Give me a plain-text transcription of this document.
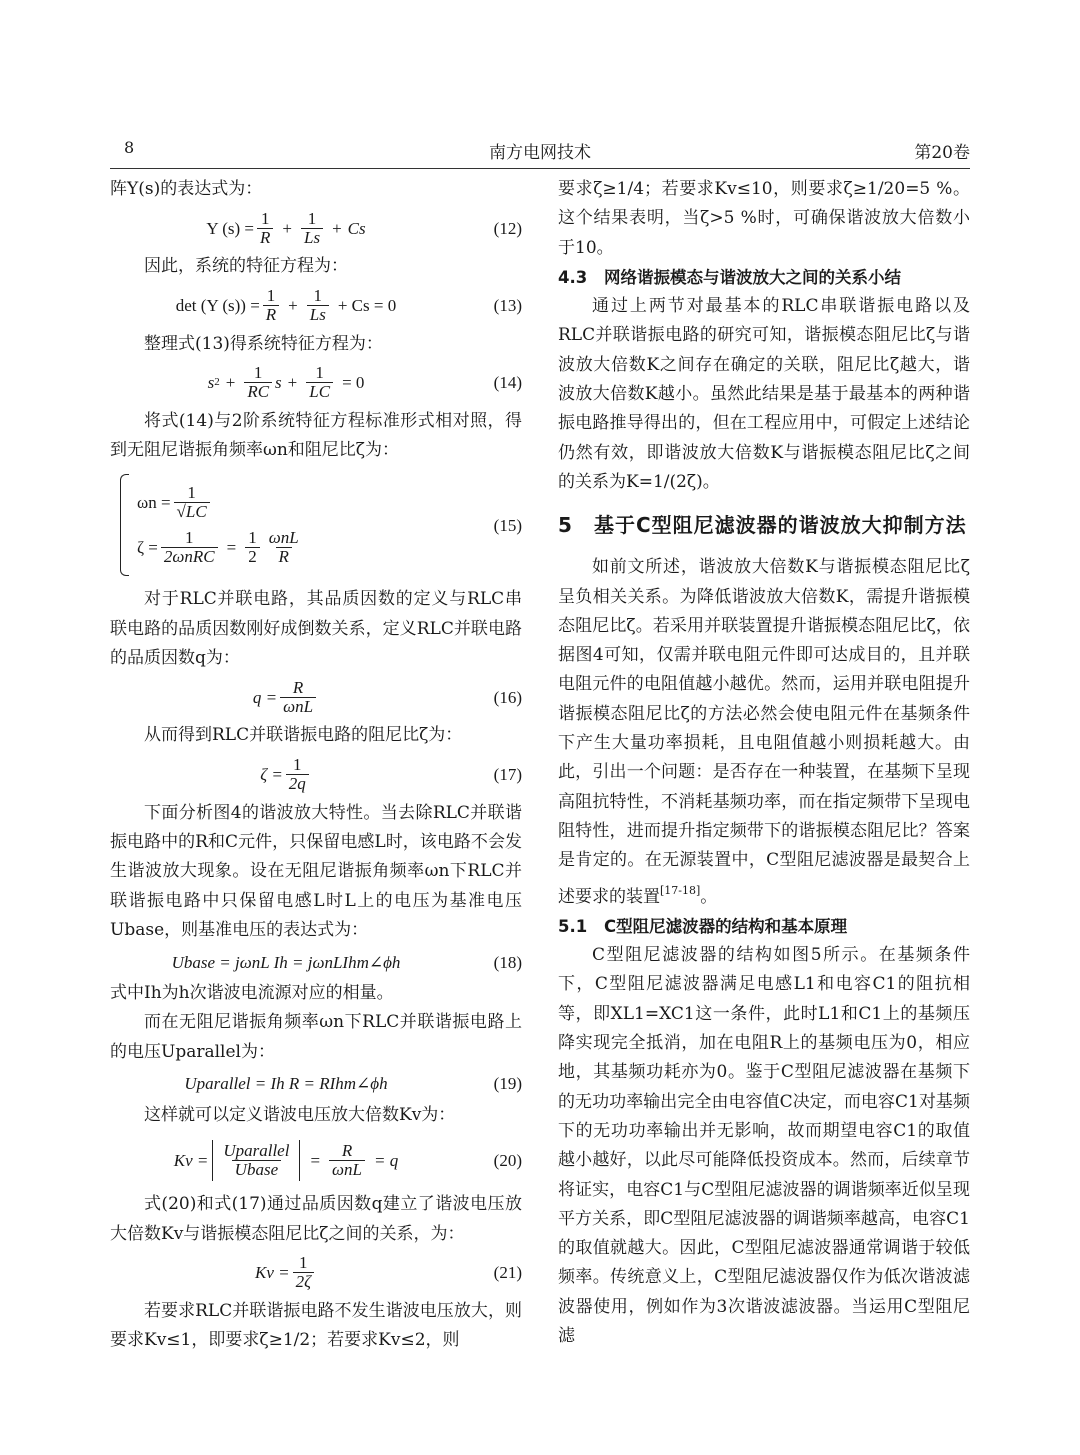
8	南方电网技术	第20卷

阵Y(s)的表达式为：

Y $(s) = \frac{1}{R} + \frac{1}{Ls} + Cs$	(12)

因此，系统的特征方程为：

det (Y $(s)) = \frac{1}{R} + \frac{1}{Ls} + Cs = 0$	(13)

整理式(13)得系统特征方程为：

s $2 + \frac{1}{RC}$ $s + \frac{1}{LC} = 0$	(14)

将式(14)与2阶系统特征方程标准形式相对照，得到无阻尼谐振角频率ωn和阻尼比ζ为：

$\omega n = \frac{1}{√LC}$
$\zeta = \frac{1}{\text{2ωnRC}} = \frac{1}{2} \frac{\text{ωnL}}{R}$
(15)

对于RLC并联电路，其品质因数的定义与RLC串联电路的品质因数刚好成倒数关系，定义RLC并联电路的品质因数q为：

$q = \frac{R}{\text{ωnL}}$	(16)

从而得到RLC并联谐振电路的阻尼比ζ为：

$\zeta = \frac{1}{2q}$	(17)

下面分析图4的谐波放大特性。当去除RLC并联谐振电路中的R和C元件，只保留电感L时，该电路不会发生谐波放大现象。设在无阻尼谐振角频率ωn下RLC并联谐振电路中只保留电感L时L上的电压为基准电压Ubase，则基准电压的表达式为：

Ubase = jωnL Ih = jωnLIhm∠ϕh	(18)

式中Ih为h次谐波电流源对应的相量。

而在无阻尼谐振角频率ωn下RLC并联谐振电路上的电压Uparallel为：

Uparallel = Ih R = RIhm∠ϕh	(19)

这样就可以定义谐波电压放大倍数Kv为：

$Kv = \frac{\text{Uparallel}}{\text{Ubase}} = \frac{R}{\text{ωnL}} = q$	(20)

式(20)和式(17)通过品质因数q建立了谐波电压放大倍数Kv与谐振模态阻尼比ζ之间的关系，为：

$Kv = \frac{1}{2\zeta}$	(21)

若要求RLC并联谐振电路不发生谐波电压放大，则要求Kv≤1，即要求ζ≥1/2；若要求Kv≤2，则

要求ζ≥1/4；若要求Kv≤10，则要求ζ≥1/20=5 %。这个结果表明，当ζ>5 %时，可确保谐波放大倍数小于10。

4.3 网络谐振模态与谐波放大之间的关系小结

通过上两节对最基本的RLC串联谐振电路以及RLC并联谐振电路的研究可知，谐振模态阻尼比ζ与谐波放大倍数K之间存在确定的关联，阻尼比ζ越大，谐波放大倍数K越小。虽然此结果是基于最基本的两种谐振电路推导得出的，但在工程应用中，可假定上述结论仍然有效，即谐波放大倍数K与谐振模态阻尼比ζ之间的关系为K=1/(2ζ)。

5	基于C型阻尼滤波器的谐波放大抑制方法

如前文所述，谐波放大倍数K与谐振模态阻尼比ζ呈负相关关系。为降低谐波放大倍数K，需提升谐振模态阻尼比ζ。若采用并联装置提升谐振模态阻尼比ζ，依据图4可知，仅需并联电阻元件即可达成目的，且并联电阻元件的电阻值越小越优。然而，运用并联电阻提升谐振模态阻尼比ζ的方法必然会使电阻元件在基频条件下产生大量功率损耗，且电阻值越小则损耗越大。由此，引出一个问题：是否存在一种装置，在基频下呈现高阻抗特性，不消耗基频功率，而在指定频带下呈现电阻特性，进而提升指定频带下的谐振模态阻尼比？答案是肯定的。在无源装置中，C型阻尼滤波器是最契合上述要求的装置[17-18]。

5.1 C型阻尼滤波器的结构和基本原理

C型阻尼滤波器的结构如图5所示。在基频条件下，C型阻尼滤波器满足电感L1和电容C1的阻抗相等，即XL1=XC1这一条件，此时L1和C1上的基频压降实现完全抵消，加在电阻R上的基频电压为0，相应地，其基频功耗亦为0。鉴于C型阻尼滤波器在基频下的无功功率输出完全由电容值C决定，而电容C1对基频下的无功功率输出并无影响，故而期望电容C1的取值越小越好，以此尽可能降低投资成本。然而，后续章节将证实，电容C1与C型阻尼滤波器的调谐频率近似呈现平方关系，即C型阻尼滤波器的调谐频率越高，电容C1的取值就越大。因此，C型阻尼滤波器通常调谐于较低频率。传统意义上，C型阻尼滤波器仅作为低次谐波滤波器使用，例如作为3次谐波滤波器。当运用C型阻尼滤
